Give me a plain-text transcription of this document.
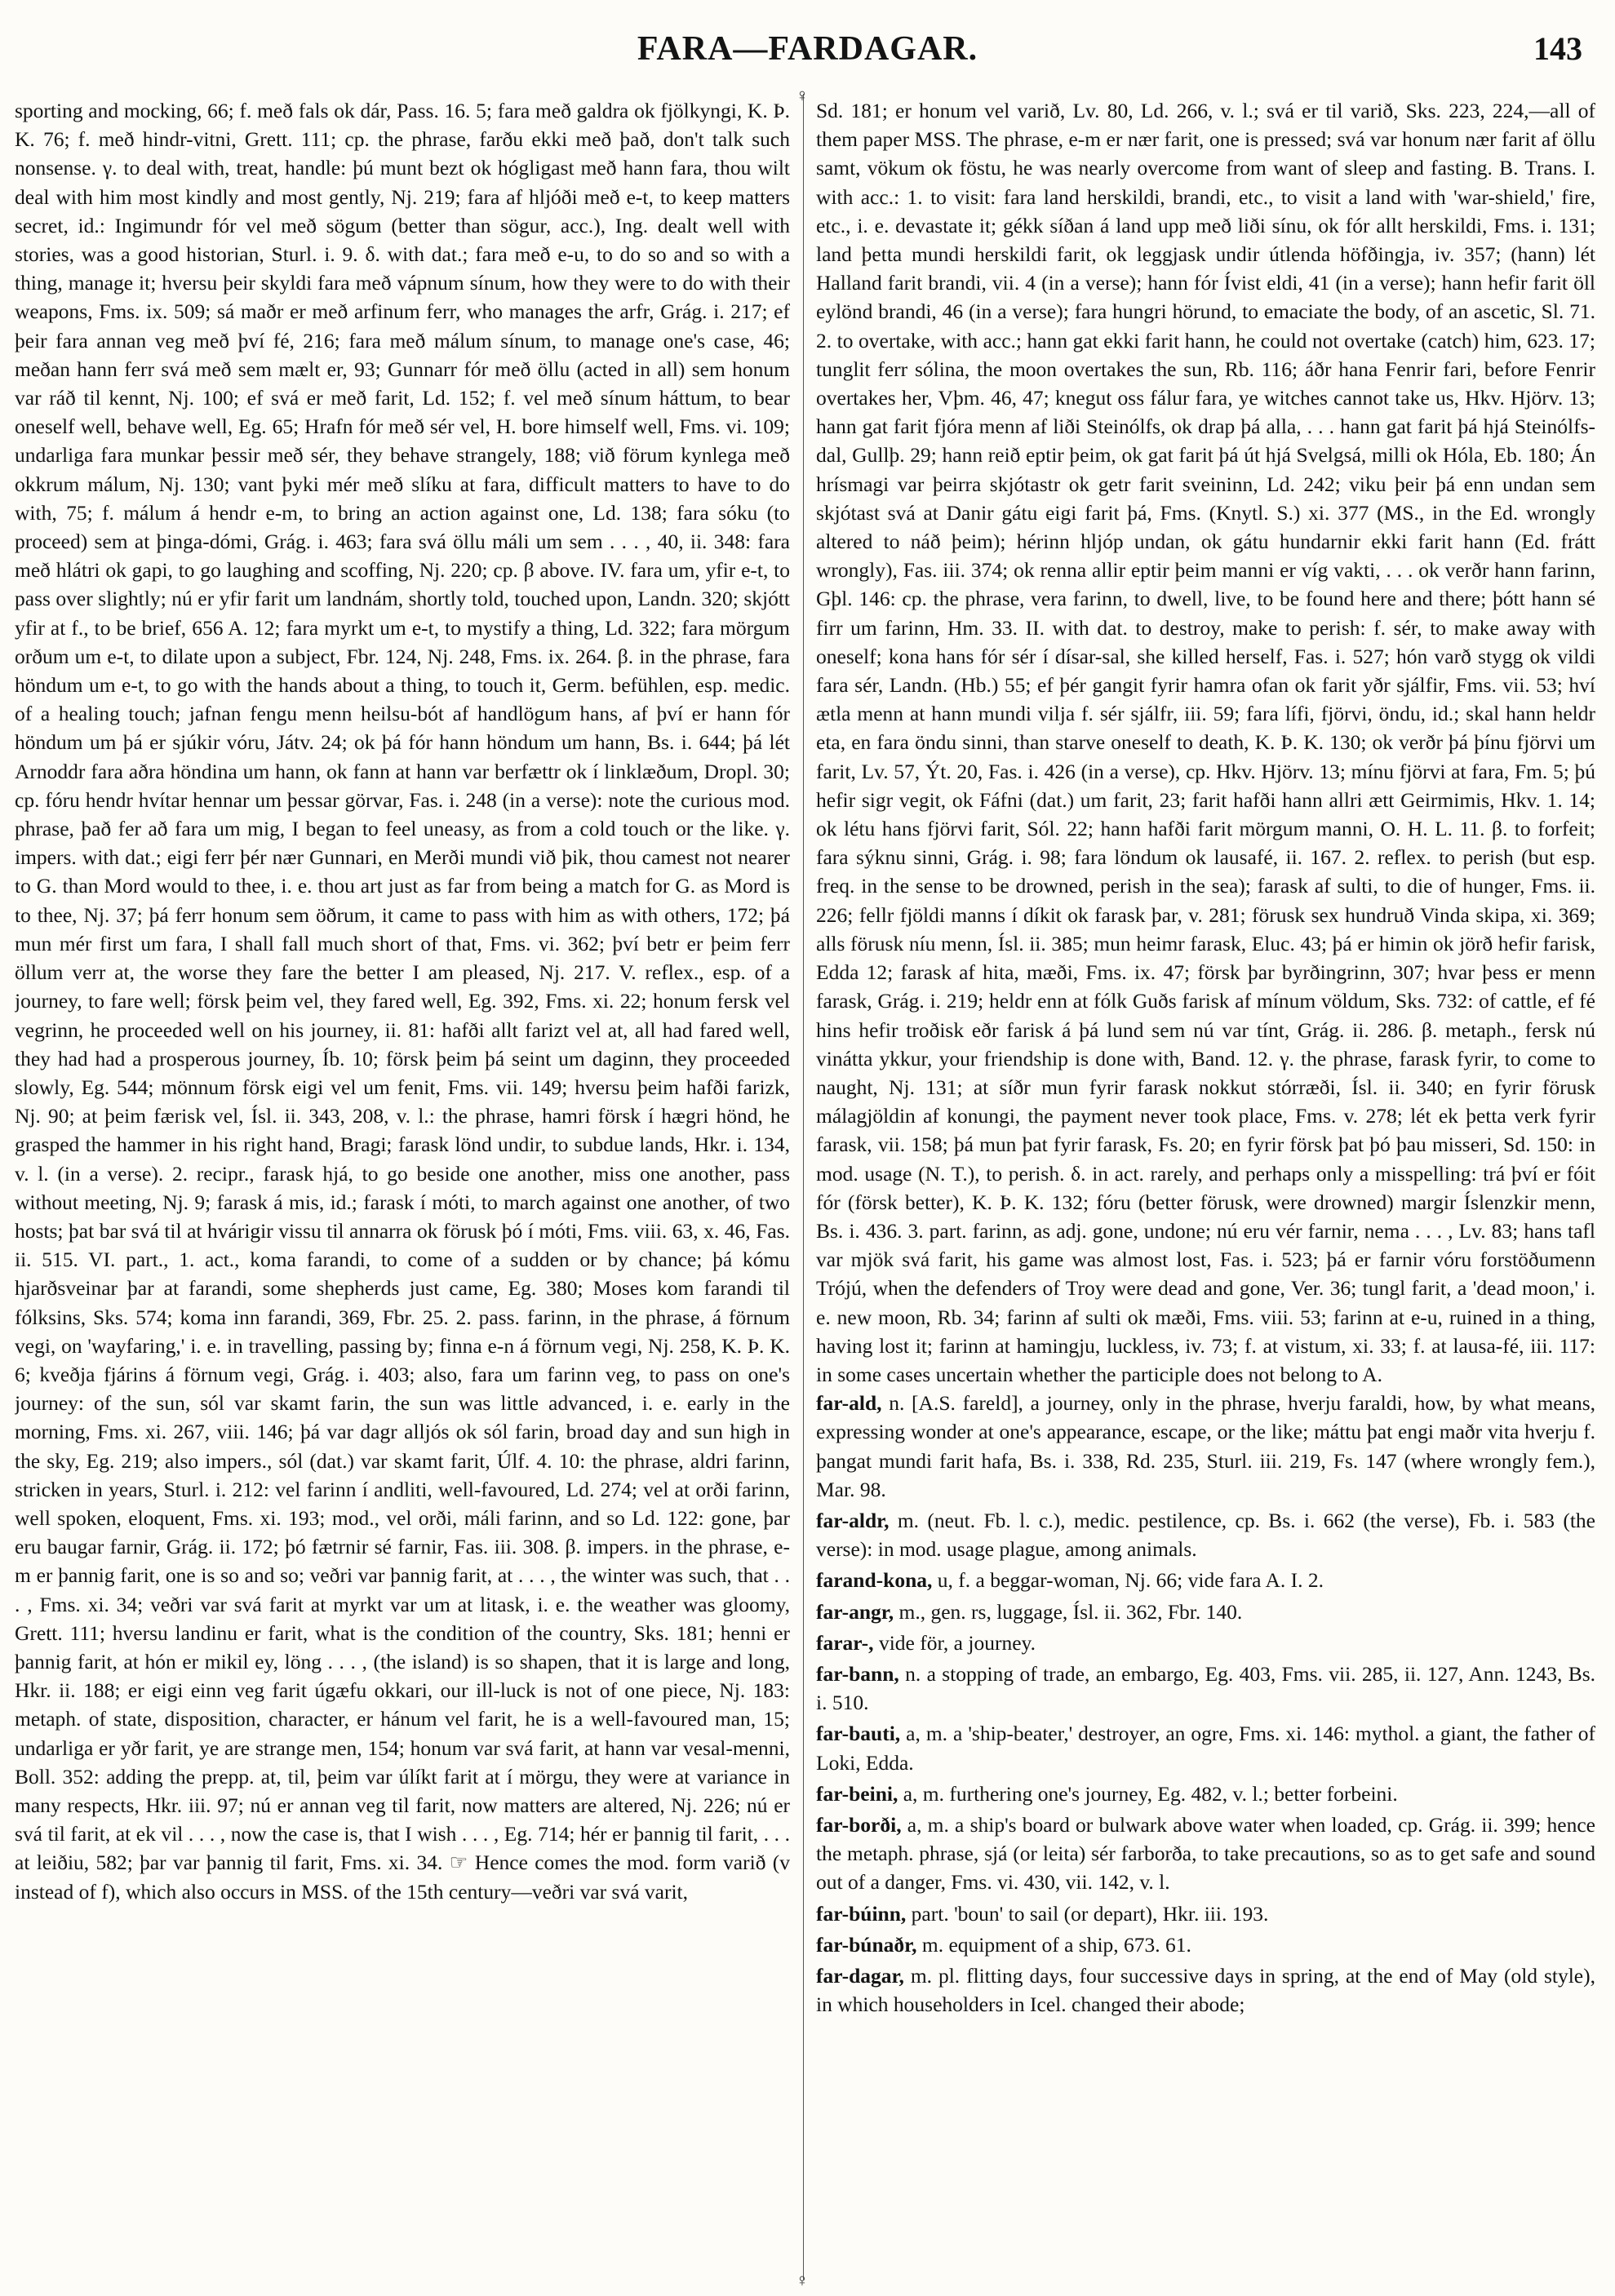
FARA—FARDAGAR.	143
♀
♀

sporting and mocking, 66; f. með fals ok dár, Pass. 16. 5; fara með galdra ok fjölkyngi, K. Þ. K. 76; f. með hindr-vitni, Grett. 111; cp. the phrase, farðu ekki með það, don't talk such nonsense. γ. to deal with, treat, handle: þú munt bezt ok hógligast með hann fara, thou wilt deal with him most kindly and most gently, Nj. 219; fara af hljóði með e-t, to keep matters secret, id.: Ingimundr fór vel með sögum (better than sögur, acc.), Ing. dealt well with stories, was a good historian, Sturl. i. 9. δ. with dat.; fara með e-u, to do so and so with a thing, manage it; hversu þeir skyldi fara með vápnum sínum, how they were to do with their weapons, Fms. ix. 509; sá maðr er með arfinum ferr, who manages the arfr, Grág. i. 217; ef þeir fara annan veg með því fé, 216; fara með málum sínum, to manage one's case, 46; meðan hann ferr svá með sem mælt er, 93; Gunnarr fór með öllu (acted in all) sem honum var ráð til kennt, Nj. 100; ef svá er með farit, Ld. 152; f. vel með sínum háttum, to bear oneself well, behave well, Eg. 65; Hrafn fór með sér vel, H. bore himself well, Fms. vi. 109; undarliga fara munkar þessir með sér, they behave strangely, 188; við förum kynlega með okkrum málum, Nj. 130; vant þyki mér með slíku at fara, difficult matters to have to do with, 75; f. málum á hendr e-m, to bring an action against one, Ld. 138; fara sóku (to proceed) sem at þinga-dómi, Grág. i. 463; fara svá öllu máli um sem . . . , 40, ii. 348: fara með hlátri ok gapi, to go laughing and scoffing, Nj. 220; cp. β above. IV. fara um, yfir e-t, to pass over slightly; nú er yfir farit um landnám, shortly told, touched upon, Landn. 320; skjótt yfir at f., to be brief, 656 A. 12; fara myrkt um e-t, to mystify a thing, Ld. 322; fara mörgum orðum um e-t, to dilate upon a subject, Fbr. 124, Nj. 248, Fms. ix. 264. β. in the phrase, fara höndum um e-t, to go with the hands about a thing, to touch it, Germ. befühlen, esp. medic. of a healing touch; jafnan fengu menn heilsu-bót af handlögum hans, af því er hann fór höndum um þá er sjúkir vóru, Játv. 24; ok þá fór hann höndum um hann, Bs. i. 644; þá lét Arnoddr fara aðra höndina um hann, ok fann at hann var berfættr ok í linklæðum, Dropl. 30; cp. fóru hendr hvítar hennar um þessar görvar, Fas. i. 248 (in a verse): note the curious mod. phrase, það fer að fara um mig, I began to feel uneasy, as from a cold touch or the like. γ. impers. with dat.; eigi ferr þér nær Gunnari, en Merði mundi við þik, thou camest not nearer to G. than Mord would to thee, i. e. thou art just as far from being a match for G. as Mord is to thee, Nj. 37; þá ferr honum sem öðrum, it came to pass with him as with others, 172; þá mun mér first um fara, I shall fall much short of that, Fms. vi. 362; því betr er þeim ferr öllum verr at, the worse they fare the better I am pleased, Nj. 217. V. reflex., esp. of a journey, to fare well; försk þeim vel, they fared well, Eg. 392, Fms. xi. 22; honum fersk vel vegrinn, he proceeded well on his journey, ii. 81: hafði allt farizt vel at, all had fared well, they had had a prosperous journey, Íb. 10; försk þeim þá seint um daginn, they proceeded slowly, Eg. 544; mönnum försk eigi vel um fenit, Fms. vii. 149; hversu þeim hafði farizk, Nj. 90; at þeim færisk vel, Ísl. ii. 343, 208, v. l.: the phrase, hamri försk í hægri hönd, he grasped the hammer in his right hand, Bragi; farask lönd undir, to subdue lands, Hkr. i. 134, v. l. (in a verse). 2. recipr., farask hjá, to go beside one another, miss one another, pass without meeting, Nj. 9; farask á mis, id.; farask í móti, to march against one another, of two hosts; þat bar svá til at hvárigir vissu til annarra ok förusk þó í móti, Fms. viii. 63, x. 46, Fas. ii. 515. VI. part., 1. act., koma farandi, to come of a sudden or by chance; þá kómu hjarðsveinar þar at farandi, some shepherds just came, Eg. 380; Moses kom farandi til fólksins, Sks. 574; koma inn farandi, 369, Fbr. 25. 2. pass. farinn, in the phrase, á förnum vegi, on 'wayfaring,' i. e. in travelling, passing by; finna e-n á förnum vegi, Nj. 258, K. Þ. K. 6; kveðja fjárins á förnum vegi, Grág. i. 403; also, fara um farinn veg, to pass on one's journey: of the sun, sól var skamt farin, the sun was little advanced, i. e. early in the morning, Fms. xi. 267, viii. 146; þá var dagr alljós ok sól farin, broad day and sun high in the sky, Eg. 219; also impers., sól (dat.) var skamt farit, Úlf. 4. 10: the phrase, aldri farinn, stricken in years, Sturl. i. 212: vel farinn í andliti, well-favoured, Ld. 274; vel at orði farinn, well spoken, eloquent, Fms. xi. 193; mod., vel orði, máli farinn, and so Ld. 122: gone, þar eru baugar farnir, Grág. ii. 172; þó fætrnir sé farnir, Fas. iii. 308. β. impers. in the phrase, e-m er þannig farit, one is so and so; veðri var þannig farit, at . . . , the winter was such, that . . . , Fms. xi. 34; veðri var svá farit at myrkt var um at litask, i. e. the weather was gloomy, Grett. 111; hversu landinu er farit, what is the condition of the country, Sks. 181; henni er þannig farit, at hón er mikil ey, löng . . . , (the island) is so shapen, that it is large and long, Hkr. ii. 188; er eigi einn veg farit úgæfu okkari, our ill-luck is not of one piece, Nj. 183: metaph. of state, disposition, character, er hánum vel farit, he is a well-favoured man, 15; undarliga er yðr farit, ye are strange men, 154; honum var svá farit, at hann var vesal-menni, Boll. 352: adding the prepp. at, til, þeim var úlíkt farit at í mörgu, they were at variance in many respects, Hkr. iii. 97; nú er annan veg til farit, now matters are altered, Nj. 226; nú er svá til farit, at ek vil . . . , now the case is, that I wish . . . , Eg. 714; hér er þannig til farit, . . . at leiðiu, 582; þar var þannig til farit, Fms. xi. 34. ☞ Hence comes the mod. form varið (v instead of f), which also occurs in MSS. of the 15th century—veðri var svá varit,

Sd. 181; er honum vel varið, Lv. 80, Ld. 266, v. l.; svá er til varið, Sks. 223, 224,—all of them paper MSS. The phrase, e-m er nær farit, one is pressed; svá var honum nær farit af öllu samt, vökum ok föstu, he was nearly overcome from want of sleep and fasting. B. Trans. I. with acc.: 1. to visit: fara land herskildi, brandi, etc., to visit a land with 'war-shield,' fire, etc., i. e. devastate it; gékk síðan á land upp með liði sínu, ok fór allt herskildi, Fms. i. 131; land þetta mundi herskildi farit, ok leggjask undir útlenda höfðingja, iv. 357; (hann) lét Halland farit brandi, vii. 4 (in a verse); hann fór Ívist eldi, 41 (in a verse); hann hefir farit öll eylönd brandi, 46 (in a verse); fara hungri hörund, to emaciate the body, of an ascetic, Sl. 71. 2. to overtake, with acc.; hann gat ekki farit hann, he could not overtake (catch) him, 623. 17; tunglit ferr sólina, the moon overtakes the sun, Rb. 116; áðr hana Fenrir fari, before Fenrir overtakes her, Vþm. 46, 47; knegut oss fálur fara, ye witches cannot take us, Hkv. Hjörv. 13; hann gat farit fjóra menn af liði Steinólfs, ok drap þá alla, . . . hann gat farit þá hjá Steinólfs-dal, Gullþ. 29; hann reið eptir þeim, ok gat farit þá út hjá Svelgsá, milli ok Hóla, Eb. 180; Án hrísmagi var þeirra skjótastr ok getr farit sveininn, Ld. 242; viku þeir þá enn undan sem skjótast svá at Danir gátu eigi farit þá, Fms. (Knytl. S.) xi. 377 (MS., in the Ed. wrongly altered to náð þeim); hérinn hljóp undan, ok gátu hundarnir ekki farit hann (Ed. frátt wrongly), Fas. iii. 374; ok renna allir eptir þeim manni er víg vakti, . . . ok verðr hann farinn, Gþl. 146: cp. the phrase, vera farinn, to dwell, live, to be found here and there; þótt hann sé firr um farinn, Hm. 33. II. with dat. to destroy, make to perish: f. sér, to make away with oneself; kona hans fór sér í dísar-sal, she killed herself, Fas. i. 527; hón varð stygg ok vildi fara sér, Landn. (Hb.) 55; ef þér gangit fyrir hamra ofan ok farit yðr sjálfir, Fms. vii. 53; hví ætla menn at hann mundi vilja f. sér sjálfr, iii. 59; fara lífi, fjörvi, öndu, id.; skal hann heldr eta, en fara öndu sinni, than starve oneself to death, K. Þ. K. 130; ok verðr þá þínu fjörvi um farit, Lv. 57, Ýt. 20, Fas. i. 426 (in a verse), cp. Hkv. Hjörv. 13; mínu fjörvi at fara, Fm. 5; þú hefir sigr vegit, ok Fáfni (dat.) um farit, 23; farit hafði hann allri ætt Geirmimis, Hkv. 1. 14; ok létu hans fjörvi farit, Sól. 22; hann hafði farit mörgum manni, O. H. L. 11. β. to forfeit; fara sýknu sinni, Grág. i. 98; fara löndum ok lausafé, ii. 167. 2. reflex. to perish (but esp. freq. in the sense to be drowned, perish in the sea); farask af sulti, to die of hunger, Fms. ii. 226; fellr fjöldi manns í díkit ok farask þar, v. 281; förusk sex hundruð Vinda skipa, xi. 369; alls förusk níu menn, Ísl. ii. 385; mun heimr farask, Eluc. 43; þá er himin ok jörð hefir farisk, Edda 12; farask af hita, mæði, Fms. ix. 47; försk þar byrðingrinn, 307; hvar þess er menn farask, Grág. i. 219; heldr enn at fólk Guðs farisk af mínum völdum, Sks. 732: of cattle, ef fé hins hefir troðisk eðr farisk á þá lund sem nú var tínt, Grág. ii. 286. β. metaph., fersk nú vinátta ykkur, your friendship is done with, Band. 12. γ. the phrase, farask fyrir, to come to naught, Nj. 131; at síðr mun fyrir farask nokkut stórræði, Ísl. ii. 340; en fyrir förusk málagjöldin af konungi, the payment never took place, Fms. v. 278; lét ek þetta verk fyrir farask, vii. 158; þá mun þat fyrir farask, Fs. 20; en fyrir försk þat þó þau misseri, Sd. 150: in mod. usage (N. T.), to perish. δ. in act. rarely, and perhaps only a misspelling: trá því er fóit fór (försk better), K. Þ. K. 132; fóru (better förusk, were drowned) margir Íslenzkir menn, Bs. i. 436. 3. part. farinn, as adj. gone, undone; nú eru vér farnir, nema . . . , Lv. 83; hans tafl var mjök svá farit, his game was almost lost, Fas. i. 523; þá er farnir vóru forstöðumenn Trójú, when the defenders of Troy were dead and gone, Ver. 36; tungl farit, a 'dead moon,' i. e. new moon, Rb. 34; farinn af sulti ok mæði, Fms. viii. 53; farinn at e-u, ruined in a thing, having lost it; farinn at hamingju, luckless, iv. 73; f. at vistum, xi. 33; f. at lausa-fé, iii. 117: in some cases uncertain whether the participle does not belong to A.

far-ald, n. [A.S. fareld], a journey, only in the phrase, hverju faraldi, how, by what means, expressing wonder at one's appearance, escape, or the like; máttu þat engi maðr vita hverju f. þangat mundi farit hafa, Bs. i. 338, Rd. 235, Sturl. iii. 219, Fs. 147 (where wrongly fem.), Mar. 98.

far-aldr, m. (neut. Fb. l. c.), medic. pestilence, cp. Bs. i. 662 (the verse), Fb. i. 583 (the verse): in mod. usage plague, among animals.

farand-kona, u, f. a beggar-woman, Nj. 66; vide fara A. I. 2.

far-angr, m., gen. rs, luggage, Ísl. ii. 362, Fbr. 140.

farar-, vide för, a journey.

far-bann, n. a stopping of trade, an embargo, Eg. 403, Fms. vii. 285, ii. 127, Ann. 1243, Bs. i. 510.

far-bauti, a, m. a 'ship-beater,' destroyer, an ogre, Fms. xi. 146: mythol. a giant, the father of Loki, Edda.

far-beini, a, m. furthering one's journey, Eg. 482, v. l.; better forbeini.

far-borði, a, m. a ship's board or bulwark above water when loaded, cp. Grág. ii. 399; hence the metaph. phrase, sjá (or leita) sér farborða, to take precautions, so as to get safe and sound out of a danger, Fms. vi. 430, vii. 142, v. l.

far-búinn, part. 'boun' to sail (or depart), Hkr. iii. 193.

far-búnaðr, m. equipment of a ship, 673. 61.

far-dagar, m. pl. flitting days, four successive days in spring, at the end of May (old style), in which householders in Icel. changed their abode;
